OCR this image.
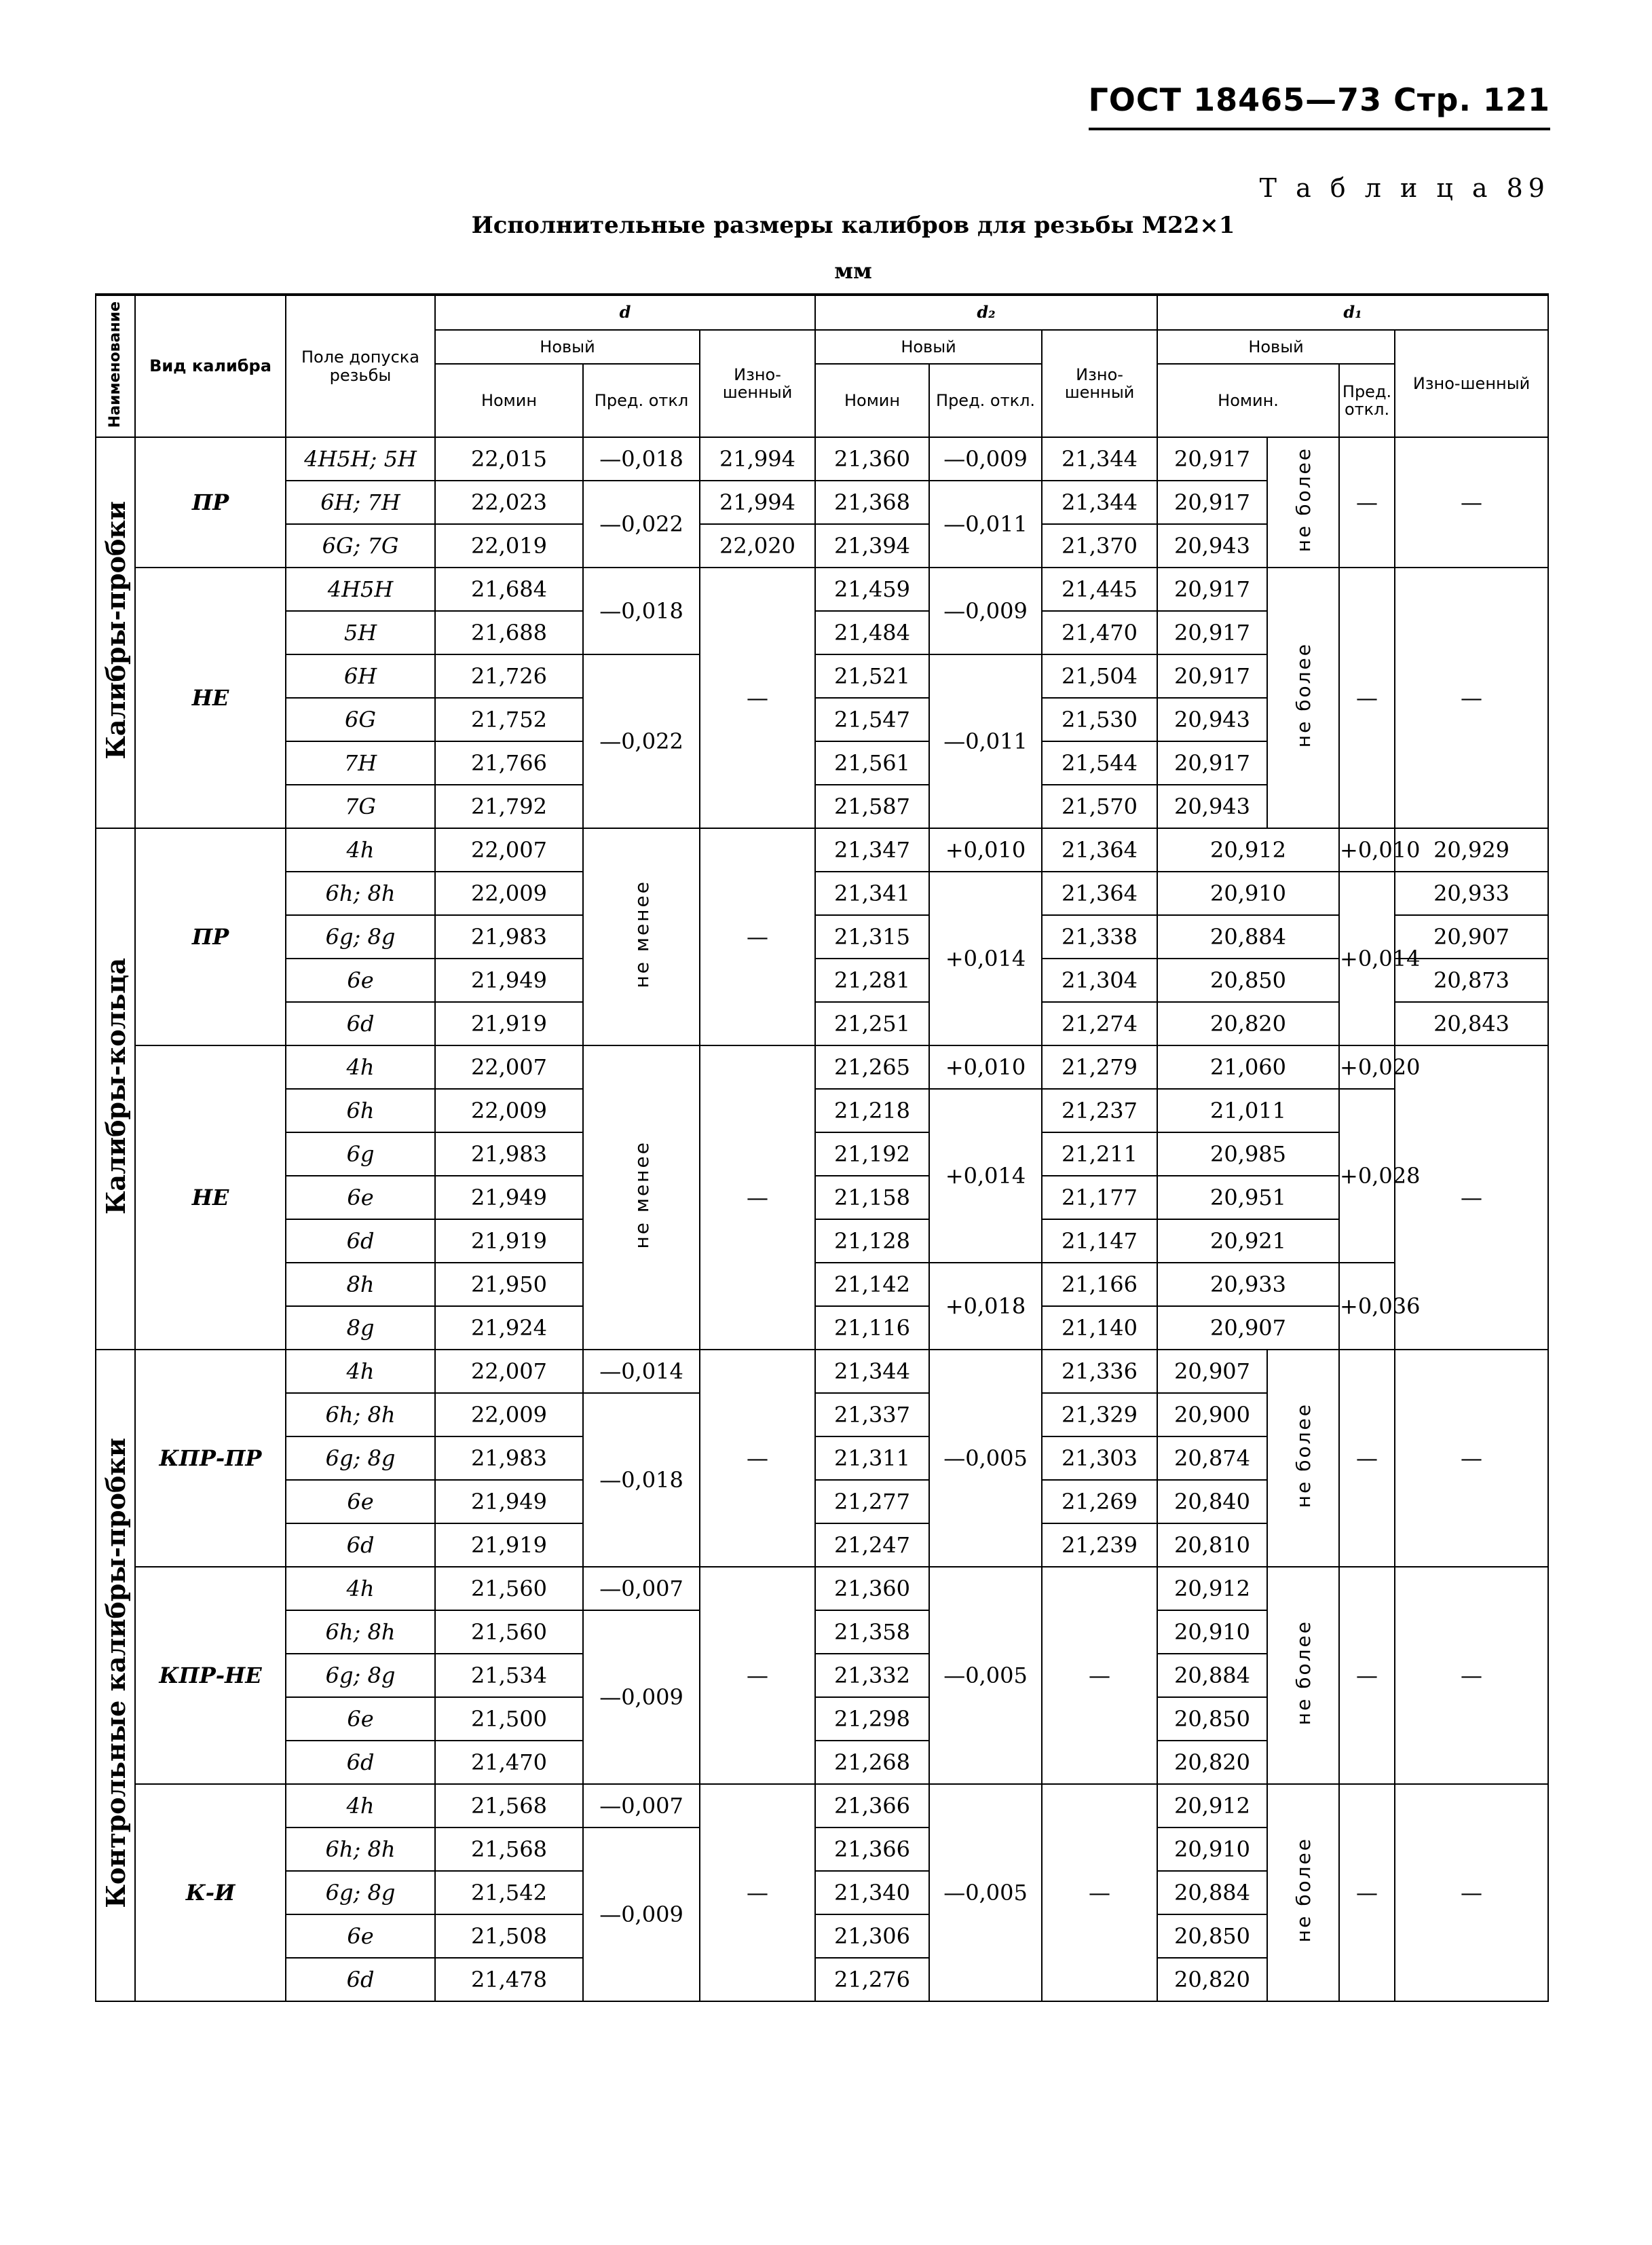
ГОСТ 18465—73 Стр. 121
Т а б л и ц а 89
Исполнительные размеры калибров для резьбы М22×1
мм
Наименование	Вид калибра	Поле допуска резьбы	d			d₂			d₁			
			Новый		Изно-шенный	Новый		Изно-шенный	Новый			Изно-шенный
			Номин	Пред. откл		Номин	Пред. откл.		Номин.		Пред. откл.	
Калибры-пробки	ПР	4H5H; 5H	22,015	—0,018	21,994	21,360	—0,009	21,344	20,917	не более	—	—
		6H; 7H	22,023	—0,022	21,994	21,368	—0,011	21,344	20,917			
		6G; 7G	22,019		22,020	21,394		21,370	20,943			
	НЕ	4H5H	21,684	—0,018	—	21,459	—0,009	21,445	20,917	не более	—	—
		5H	21,688			21,484		21,470	20,917			
		6H	21,726	—0,022		21,521	—0,011	21,504	20,917			
		6G	21,752			21,547		21,530	20,943			
		7H	21,766			21,561		21,544	20,917			
		7G	21,792			21,587		21,570	20,943			
Калибры-кольца	ПР	4h	22,007	не менее	—	21,347	+0,010	21,364	20,912		+0,010	20,929
		6h; 8h	22,009			21,341	+0,014	21,364	20,910		+0,014	20,933
		6g; 8g	21,983			21,315		21,338	20,884			20,907
		6e	21,949			21,281		21,304	20,850			20,873
		6d	21,919			21,251		21,274	20,820			20,843
	НЕ	4h	22,007	не менее	—	21,265	+0,010	21,279	21,060		+0,020	—
		6h	22,009			21,218	+0,014	21,237	21,011		+0,028	
		6g	21,983			21,192		21,211	20,985			
		6e	21,949			21,158		21,177	20,951			
		6d	21,919			21,128		21,147	20,921			
		8h	21,950			21,142	+0,018	21,166	20,933		+0,036	
		8g	21,924			21,116		21,140	20,907			
Контрольные калибры-пробки	КПР-ПР	4h	22,007	—0,014	—	21,344	—0,005	21,336	20,907	не более	—	—
		6h; 8h	22,009	—0,018		21,337		21,329	20,900			
		6g; 8g	21,983			21,311		21,303	20,874			
		6e	21,949			21,277		21,269	20,840			
		6d	21,919			21,247		21,239	20,810			
	КПР-НЕ	4h	21,560	—0,007	—	21,360	—0,005	—	20,912	не более	—	—
		6h; 8h	21,560	—0,009		21,358			20,910			
		6g; 8g	21,534			21,332			20,884			
		6e	21,500			21,298			20,850			
		6d	21,470			21,268			20,820			
	К-И	4h	21,568	—0,007	—	21,366	—0,005	—	20,912	не более	—	—
		6h; 8h	21,568	—0,009		21,366			20,910			
		6g; 8g	21,542			21,340			20,884			
		6e	21,508			21,306			20,850			
		6d	21,478			21,276			20,820			
